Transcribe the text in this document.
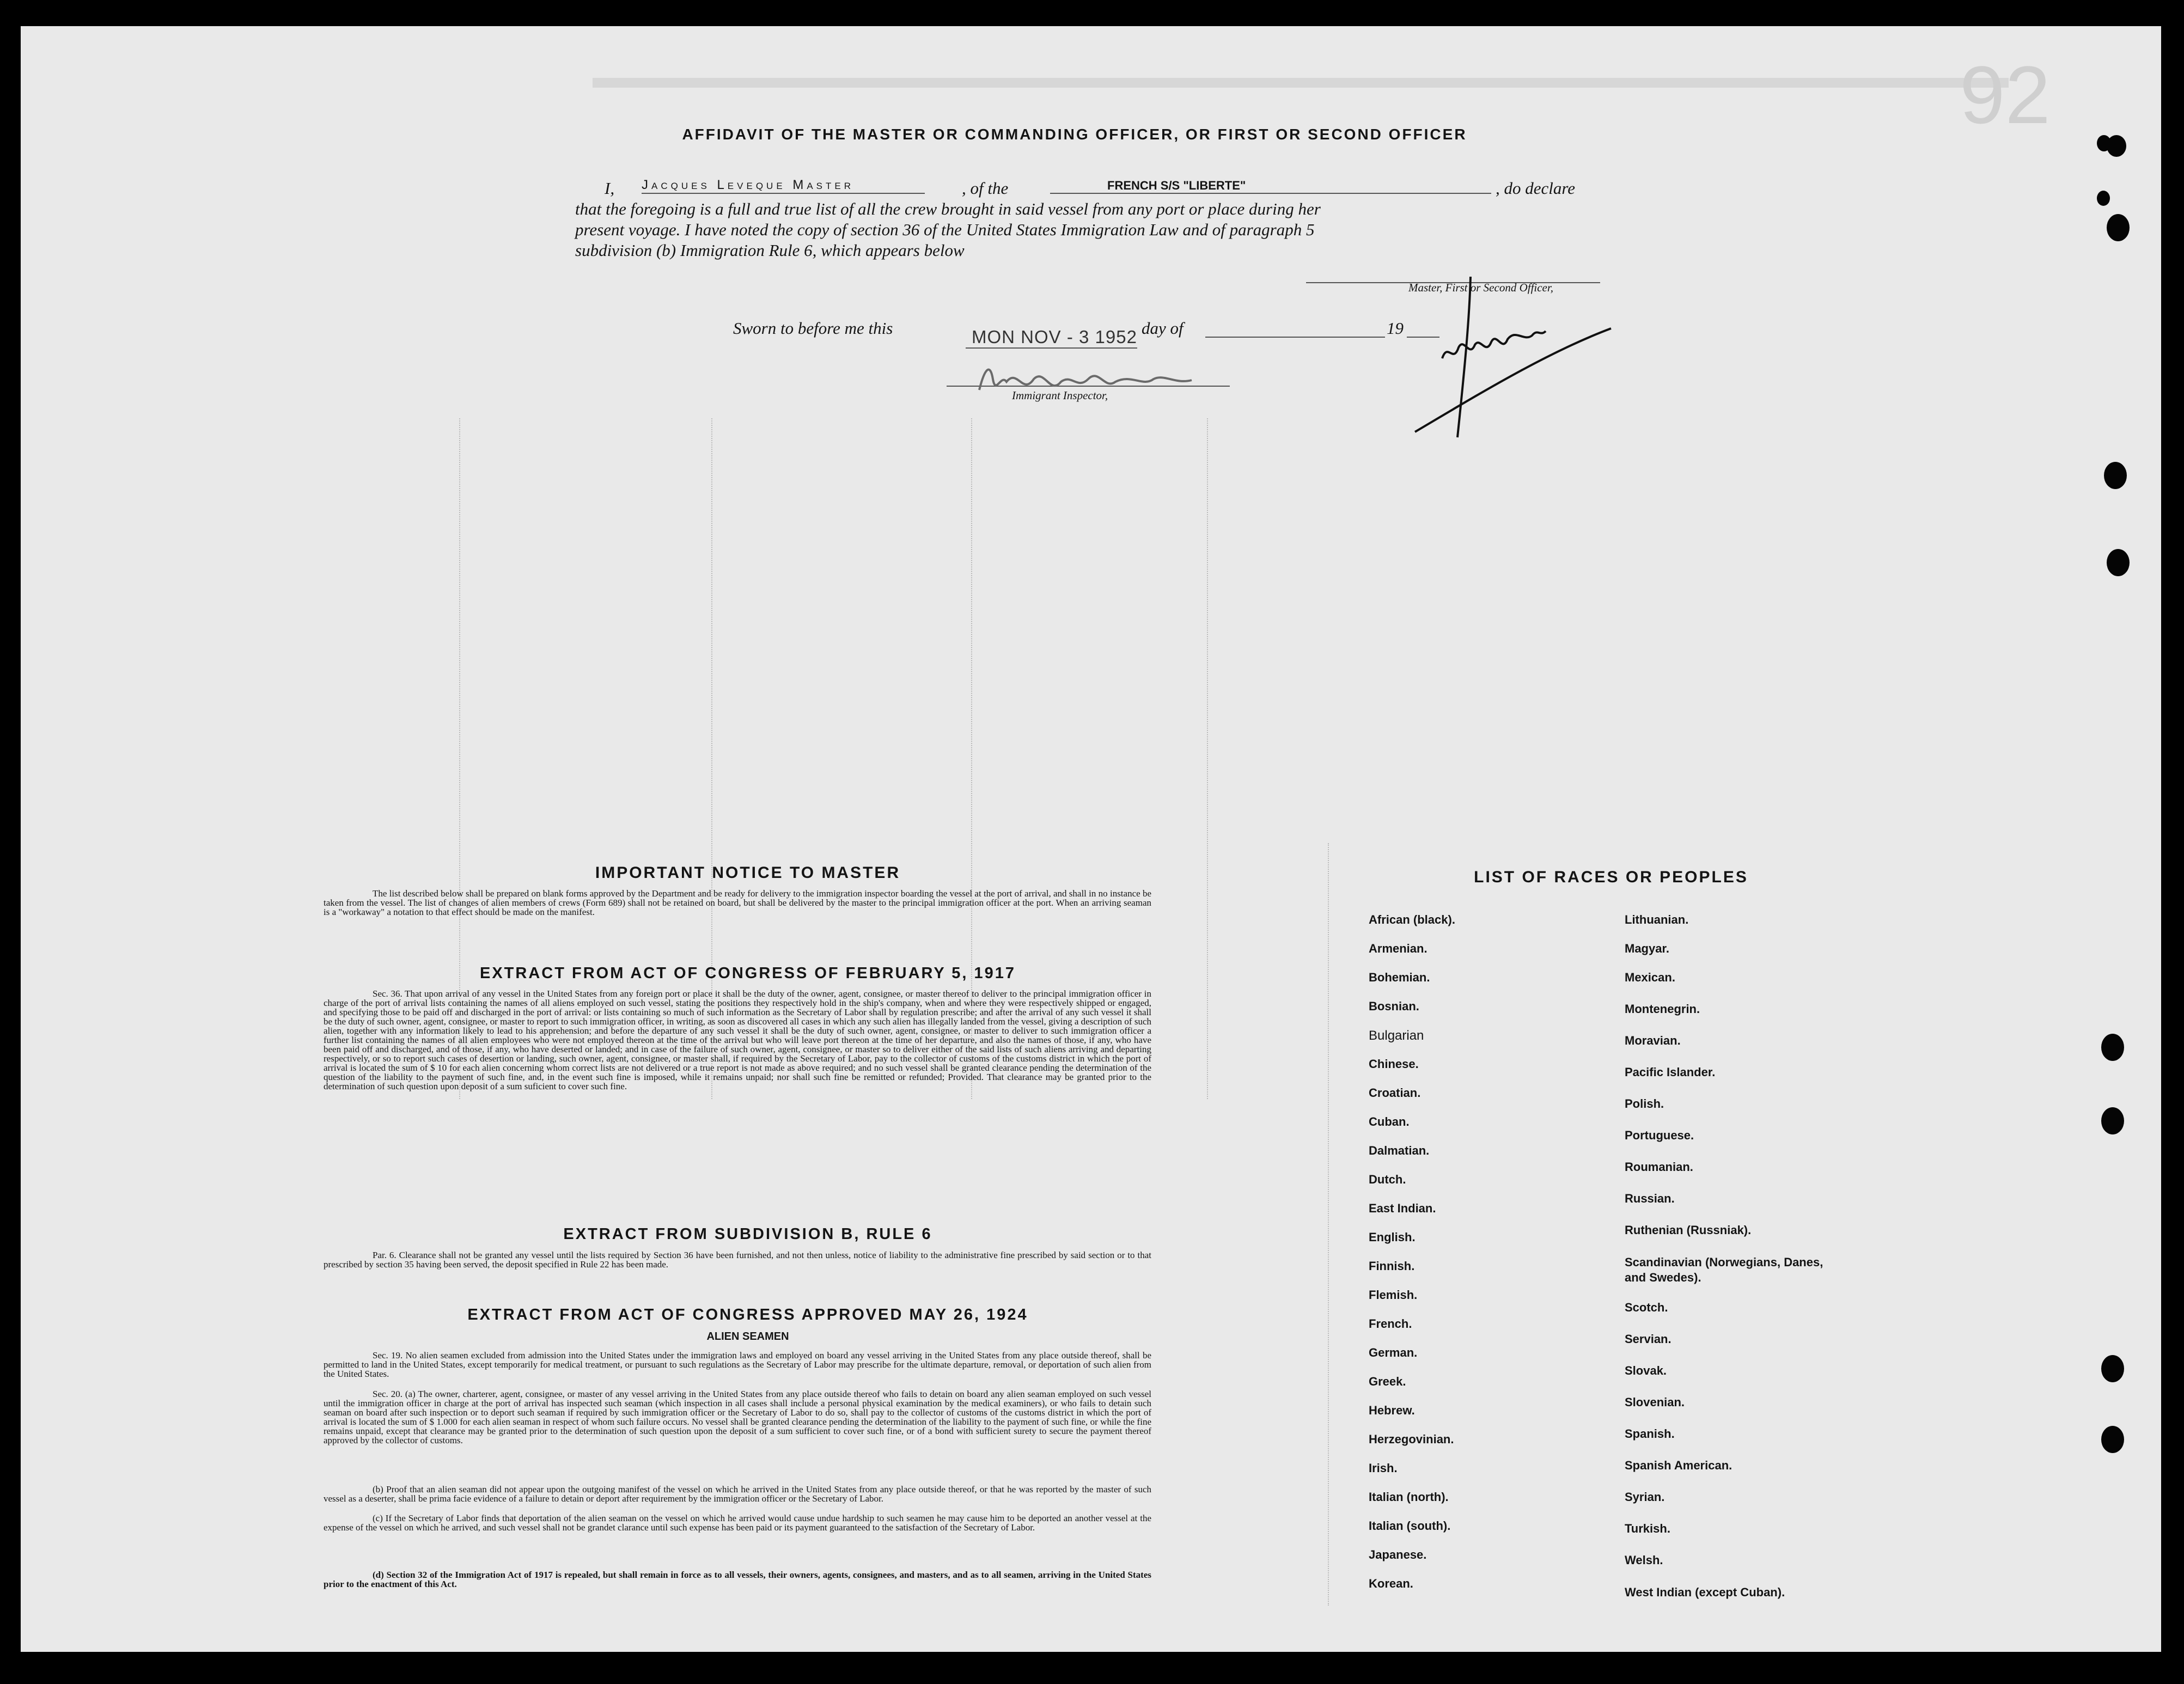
92
AFFIDAVIT OF THE MASTER OR COMMANDING OFFICER, OR FIRST OR SECOND OFFICER
I, Jacques Leveque Master	, of the	FRENCH S/S "LIBERTE"	, do declare
that the foregoing is a full and true list of all the crew brought in said vessel from any port or place during her
present voyage. I have noted the copy of section 36 of the United States Immigration Law and of paragraph 5
subdivision (b) Immigration Rule 6, which appears below
Master, First or Second Officer,
Sworn to before me this	MON NOV - 3 1952 day of	19
Immigrant Inspector,
IMPORTANT NOTICE TO MASTER

The list described below shall be prepared on blank forms approved by the Department and be ready for delivery to the immigration inspector boarding the vessel at the port of arrival, and shall in no instance be taken from the vessel. The list of changes of alien members of crews (Form 689) shall not be retained on board, but shall be delivered by the master to the principal immigration officer at the port. When an arriving seaman is a "workaway" a notation to that effect should be made on the manifest.

EXTRACT FROM ACT OF CONGRESS OF FEBRUARY 5, 1917

Sec. 36. That upon arrival of any vessel in the United States from any foreign port or place it shall be the duty of the owner, agent, consignee, or master thereof to deliver to the principal immigration officer in charge of the port of arrival lists containing the names of all aliens employed on such vessel, stating the positions they respectively hold in the ship's company, when and where they were respectively shipped or engaged, and specifying those to be paid off and discharged in the port of arrival: or lists containing so much of such information as the Secretary of Labor shall by regulation prescribe; and after the arrival of any such vessel it shall be the duty of such owner, agent, consignee, or master to report to such immigration officer, in writing, as soon as discovered all cases in which any such alien has illegally landed from the vessel, giving a description of such alien, together with any information likely to lead to his apprehension; and before the departure of any such vessel it shall be the duty of such owner, agent, consignee, or master to deliver to such immigration officer a further list containing the names of all alien employees who were not employed thereon at the time of the arrival but who will leave port thereon at the time of her departure, and also the names of those, if any, who have been paid off and discharged, and of those, if any, who have deserted or landed; and in case of the failure of such owner, agent, consignee, or master so to deliver either of the said lists of such aliens arriving and departing respectively, or so to report such cases of desertion or landing, such owner, agent, consignee, or master shall, if required by the Secretary of Labor, pay to the collector of customs of the customs district in which the port of arrival is located the sum of $ 10 for each alien concerning whom correct lists are not delivered or a true report is not made as above required; and no such vessel shall be granted clearance pending the determination of the question of the liability to the payment of such fine, and, in the event such fine is imposed, while it remains unpaid; nor shall such fine be remitted or refunded; Provided. That clearance may be granted prior to the determination of such question upon deposit of a sum suficient to cover such fine.

EXTRACT FROM SUBDIVISION B, RULE 6

Par. 6. Clearance shall not be granted any vessel until the lists required by Section 36 have been furnished, and not then unless, notice of liability to the administrative fine prescribed by said section or to that prescribed by section 35 having been served, the deposit specified in Rule 22 has been made.

EXTRACT FROM ACT OF CONGRESS APPROVED MAY 26, 1924
ALIEN SEAMEN

Sec. 19. No alien seamen excluded from admission into the United States under the immigration laws and employed on board any vessel arriving in the United States from any place outside thereof, shall be permitted to land in the United States, except temporarily for medical treatment, or pursuant to such regulations as the Secretary of Labor may prescribe for the ultimate departure, removal, or deportation of such alien from the United States.

Sec. 20. (a) The owner, charterer, agent, consignee, or master of any vessel arriving in the United States from any place outside thereof who fails to detain on board any alien seaman employed on such vessel until the immigration officer in charge at the port of arrival has inspected such seaman (which inspection in all cases shall include a personal physical examination by the medical examiners), or who fails to detain such seaman on board after such inspection or to deport such seaman if required by such immigration officer or the Secretary of Labor to do so, shall pay to the collector of customs of the customs district in which the port of arrival is located the sum of $ 1.000 for each alien seaman in respect of whom such failure occurs. No vessel shall be granted clearance pending the determination of the liability to the payment of such fine, or while the fine remains unpaid, except that clearance may be granted prior to the determination of such question upon the deposit of a sum sufficient to cover such fine, or of a bond with sufficient surety to secure the payment thereof approved by the collector of customs.

(b) Proof that an alien seaman did not appear upon the outgoing manifest of the vessel on which he arrived in the United States from any place outside thereof, or that he was reported by the master of such vessel as a deserter, shall be prima facie evidence of a failure to detain or deport after requirement by the immigration officer or the Secretary of Labor.

(c) If the Secretary of Labor finds that deportation of the alien seaman on the vessel on which he arrived would cause undue hardship to such seamen he may cause him to be deported an another vessel at the expense of the vessel on which he arrived, and such vessel shall not be grandet clarance until such expense has been paid or its payment guaranteed to the satisfaction of the Secretary of Labor.

(d) Section 32 of the Immigration Act of 1917 is repealed, but shall remain in force as to all vessels, their owners, agents, consignees, and masters, and as to all seamen, arriving in the United States prior to the enactment of this Act.

LIST OF RACES OR PEOPLES
African (black).
Armenian.
Bohemian.
Bosnian.
Bulgarian
Chinese.
Croatian.
Cuban.
Dalmatian.
Dutch.
East Indian.
English.
Finnish.
Flemish.
French.
German.
Greek.
Hebrew.
Herzegovinian.
Irish.
Italian (north).
Italian (south).
Japanese.
Korean.
Lithuanian.
Magyar.
Mexican.
Montenegrin.
Moravian.
Pacific Islander.
Polish.
Portuguese.
Roumanian.
Russian.
Ruthenian (Russniak).
Scandinavian (Norwegians, Danes, and Swedes).
Scotch.
Servian.
Slovak.
Slovenian.
Spanish.
Spanish American.
Syrian.
Turkish.
Welsh.
West Indian (except Cuban).
